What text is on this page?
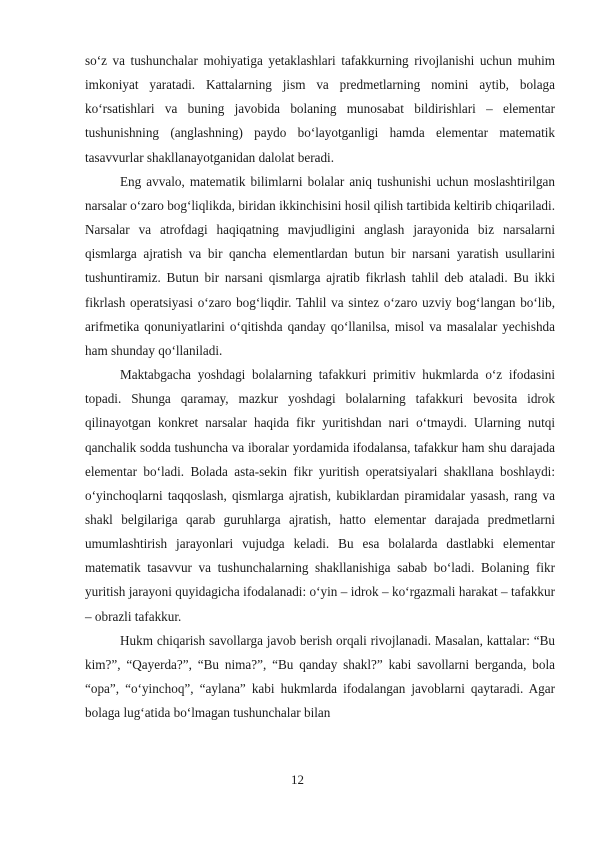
so‘z va tushunchalar mohiyatiga yetaklashlari tafakkurning rivojlanishi uchun muhim imkoniyat yaratadi. Kattalarning jism va predmetlarning nomini aytib, bolaga ko‘rsatishlari va buning javobida bolaning munosabat bildirishlari – elementar tushunishning (anglashning) paydo bo‘layotganligi hamda elementar matematik tasavvurlar shakllanayotganidan dalolat beradi.

Eng avvalo, matematik bilimlarni bolalar aniq tushunishi uchun moslashtirilgan narsalar o‘zaro bog‘liqlikda, biridan ikkinchisini hosil qilish tartibida keltirib chiqariladi. Narsalar va atrofdagi haqiqatning mavjudligini anglash jarayonida biz narsalarni qismlarga ajratish va bir qancha elementlardan butun bir narsani yaratish usullarini tushuntiramiz. Butun bir narsani qismlarga ajratib fikrlash tahlil deb ataladi. Bu ikki fikrlash operatsiyasi o‘zaro bog‘liqdir. Tahlil va sintez o‘zaro uzviy bog‘langan bo‘lib, arifmetika qonuniyatlarini o‘qitishda qanday qo‘llanilsa, misol va masalalar yechishda ham shunday qo‘llaniladi.

Maktabgacha yoshdagi bolalarning tafakkuri primitiv hukmlarda o‘z ifodasini topadi. Shunga qaramay, mazkur yoshdagi bolalarning tafakkuri bevosita idrok qilinayotgan konkret narsalar haqida fikr yuritishdan nari o‘tmaydi. Ularning nutqi qanchalik sodda tushuncha va iboralar yordamida ifodalansa, tafakkur ham shu darajada elementar bo‘ladi. Bolada asta-sekin fikr yuritish operatsiyalari shakllana boshlaydi: o‘yinchoqlarni taqqoslash, qismlarga ajratish, kubiklardan piramidalar yasash, rang va shakl belgilariga qarab guruhlarga ajratish, hatto elementar darajada predmetlarni umumlashtirish jarayonlari vujudga keladi. Bu esa bolalarda dastlabki elementar matematik tasavvur va tushunchalarning shakllanishiga sabab bo‘ladi. Bolaning fikr yuritish jarayoni quyidagicha ifodalanadi: o‘yin – idrok – ko‘rgazmali harakat – tafakkur – obrazli tafakkur.

Hukm chiqarish savollarga javob berish orqali rivojlanadi. Masalan, kattalar: “Bu kim?”, “Qayerda?”, “Bu nima?”, “Bu qanday shakl?” kabi savollarni berganda, bola “opa”, “o‘yinchoq”, “aylana” kabi hukmlarda ifodalangan javoblarni qaytaradi. Agar bolaga lug‘atida bo‘lmagan tushunchalar bilan

12
